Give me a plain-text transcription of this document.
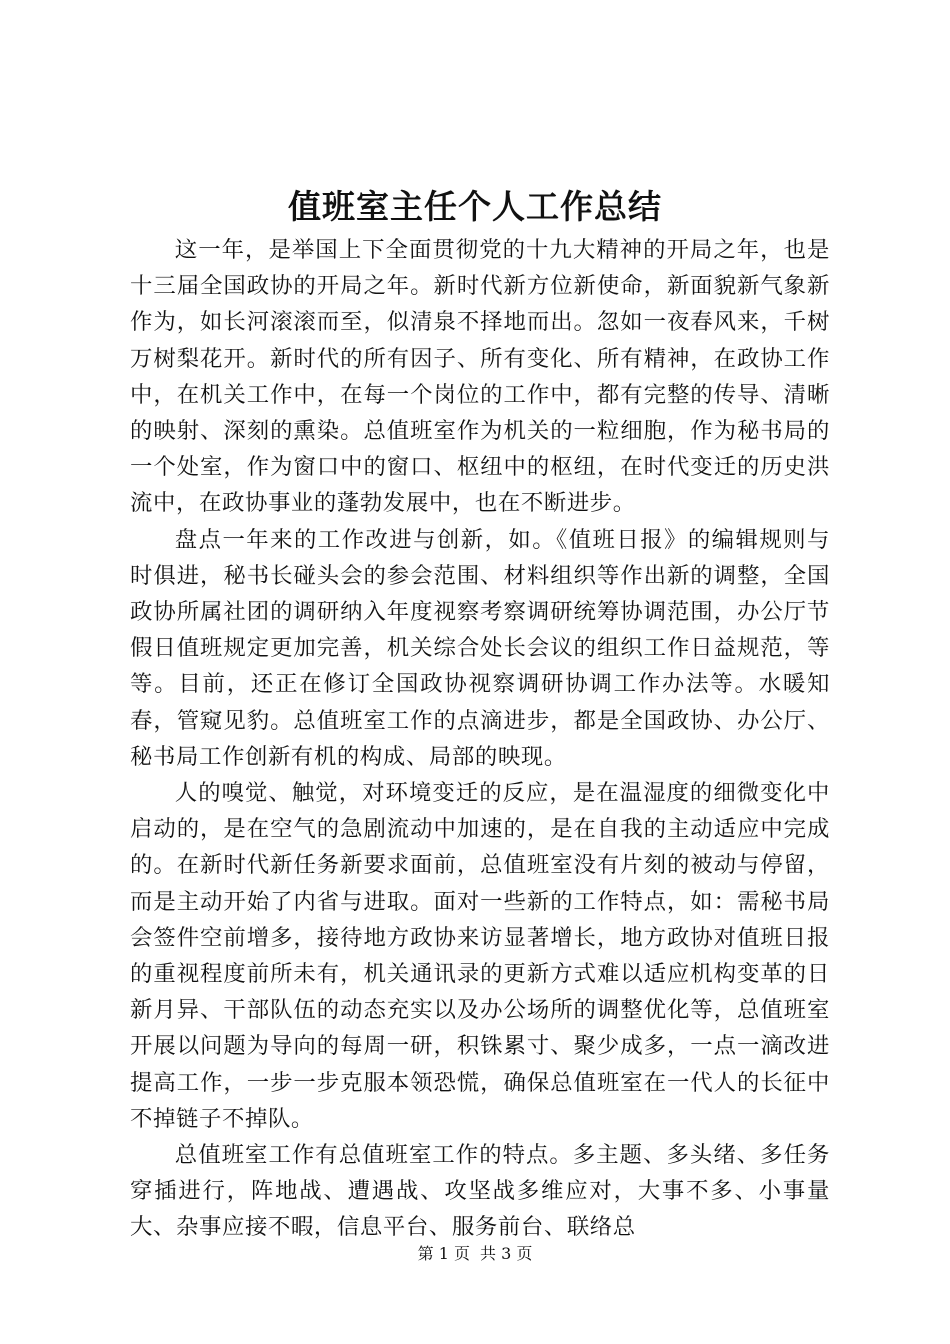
值班室主任个人工作总结

这一年，是举国上下全面贯彻党的十九大精神的开局之年，也是十三届全国政协的开局之年。新时代新方位新使命，新面貌新气象新作为，如长河滚滚而至，似清泉不择地而出。忽如一夜春风来，千树万树梨花开。新时代的所有因子、所有变化、所有精神，在政协工作中，在机关工作中，在每一个岗位的工作中，都有完整的传导、清晰的映射、深刻的熏染。总值班室作为机关的一粒细胞，作为秘书局的一个处室，作为窗口中的窗口、枢纽中的枢纽，在时代变迁的历史洪流中，在政协事业的蓬勃发展中，也在不断进步。

盘点一年来的工作改进与创新，如。《值班日报》的编辑规则与时俱进，秘书长碰头会的参会范围、材料组织等作出新的调整，全国政协所属社团的调研纳入年度视察考察调研统筹协调范围，办公厅节假日值班规定更加完善，机关综合处长会议的组织工作日益规范，等等。目前，还正在修订全国政协视察调研协调工作办法等。水暖知春，管窥见豹。总值班室工作的点滴进步，都是全国政协、办公厅、秘书局工作创新有机的构成、局部的映现。

人的嗅觉、触觉，对环境变迁的反应，是在温湿度的细微变化中启动的，是在空气的急剧流动中加速的，是在自我的主动适应中完成的。在新时代新任务新要求面前，总值班室没有片刻的被动与停留，而是主动开始了内省与进取。面对一些新的工作特点，如：需秘书局会签件空前增多，接待地方政协来访显著增长，地方政协对值班日报的重视程度前所未有，机关通讯录的更新方式难以适应机构变革的日新月异、干部队伍的动态充实以及办公场所的调整优化等，总值班室开展以问题为导向的每周一研，积铢累寸、聚少成多，一点一滴改进提高工作，一步一步克服本领恐慌，确保总值班室在一代人的长征中不掉链子不掉队。

总值班室工作有总值班室工作的特点。多主题、多头绪、多任务穿插进行，阵地战、遭遇战、攻坚战多维应对，大事不多、小事量大、杂事应接不暇，信息平台、服务前台、联络总

第 1 页 共 3 页
